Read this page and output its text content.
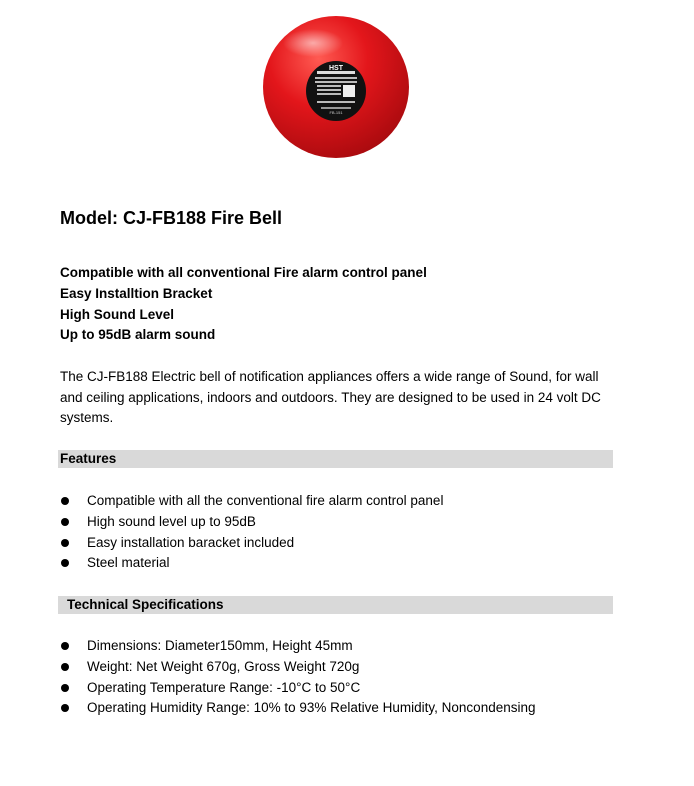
HST
FB-151
Model: CJ-FB188 Fire Bell
Compatible with all conventional Fire alarm control panel
Easy Installtion Bracket
High Sound Level
Up to 95dB alarm sound

The CJ-FB188 Electric bell of notification appliances offers a wide range of Sound, for wall and ceiling applications, indoors and outdoors. They are designed to be used in 24 volt DC systems.

Features
Compatible with all the conventional fire alarm control panel
High sound level up to 95dB
Easy installation baracket included
Steel material
Technical Specifications
Dimensions: Diameter150mm, Height 45mm
Weight: Net Weight 670g, Gross Weight 720g
Operating Temperature Range: -10°C to 50°C
Operating Humidity Range: 10% to 93% Relative Humidity, Noncondensing
